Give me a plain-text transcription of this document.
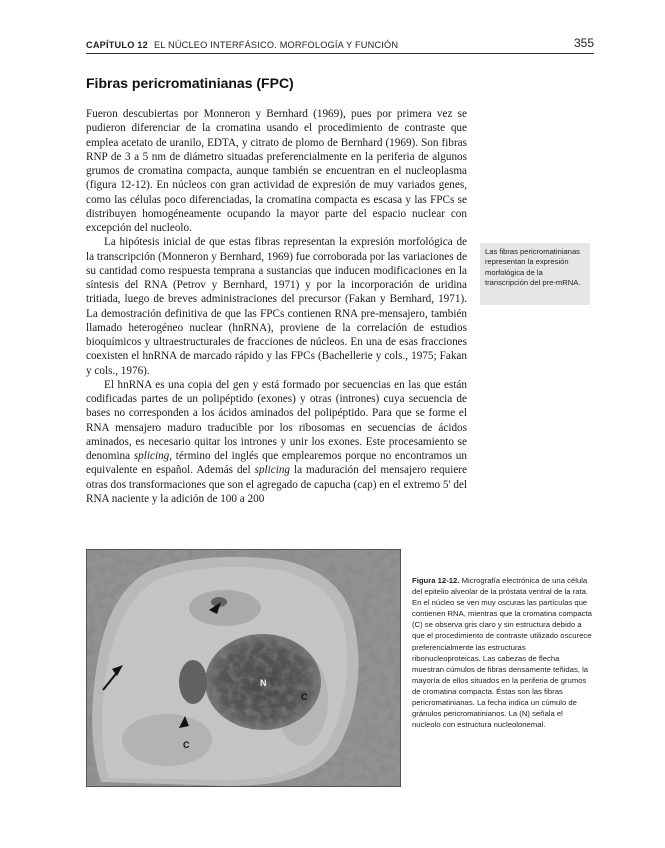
CAPÍTULO 12 EL NÚCLEO INTERFÁSICO. MORFOLOGÍA Y FUNCIÓN	355
Fibras pericromatinianas (FPC)

Fueron descubiertas por Monneron y Bernhard (1969), pues por primera vez se pudieron diferenciar de la cromatina usando el procedimiento de contraste que emplea acetato de uranilo, EDTA, y citrato de plomo de Bernhard (1969). Son fibras RNP de 3 a 5 nm de diámetro situadas preferencialmente en la periferia de algunos grumos de cromatina compacta, aunque también se encuentran en el nucleoplasma (figura 12-12). En núcleos con gran actividad de expresión de muy variados genes, como las células poco diferenciadas, la cromatina compacta es escasa y las FPCs se distribuyen homogéneamente ocupando la mayor parte del espacio nuclear con excepción del nucleolo.

La hipótesis inicial de que estas fibras representan la expresión morfológica de la transcripción (Monneron y Bernhard, 1969) fue corroborada por las variaciones de su cantidad como respuesta temprana a sustancias que inducen modificaciones en la síntesis del RNA (Petrov y Bernhard, 1971) y por la incorporación de uridina tritiada, luego de breves administraciones del precursor (Fakan y Bernhard, 1971). La demostración definitiva de que las FPCs contienen RNA pre-mensajero, también llamado heterogéneo nuclear (hnRNA), proviene de la correlación de estudios bioquímicos y ultraestructurales de fracciones de núcleos. En una de esas fracciones coexisten el hnRNA de marcado rápido y las FPCs (Bachellerie y cols., 1975; Fakan y cols., 1976).

El hnRNA es una copia del gen y está formado por secuencias en las que están codificadas partes de un polipéptido (exones) y otras (intrones) cuya secuencia de bases no corresponden a los ácidos aminados del polipéptido. Para que se forme el RNA mensajero maduro traducible por los ribosomas en secuencias de ácidos aminados, es necesario quitar los intrones y unir los exones. Este procesamiento se denomina splicing, término del inglés que emplearemos porque no encontramos un equivalente en español. Además del splicing la maduración del mensajero requiere otras dos transformaciones que son el agregado de capucha (cap) en el extremo 5' del RNA naciente y la adición de 100 a 200

Las fibras pericromatinianas representan la expresión morfológica de la transcripción del pre-mRNA.
N
C
C
Figura 12-12. Micrografía electrónica de una célula del epitelio alveolar de la próstata ventral de la rata. En el núcleo se ven muy oscuras las partículas que contienen RNA, mientras que la cromatina compacta (C) se observa gris claro y sin estructura debido a que el procedimiento de contraste utilizado oscurece preferencialmente las estructuras ribonucleoproteicas. Las cabezas de flecha muestran cúmulos de fibras densamente teñidas, la mayoría de ellos situados en la periferia de grumos de cromatina compacta. Éstas son las fibras pericromatinianas. La fecha indica un cúmulo de gránulos pericromatinianos. La (N) señala el nucleolo con estructura nucleolonemal.
